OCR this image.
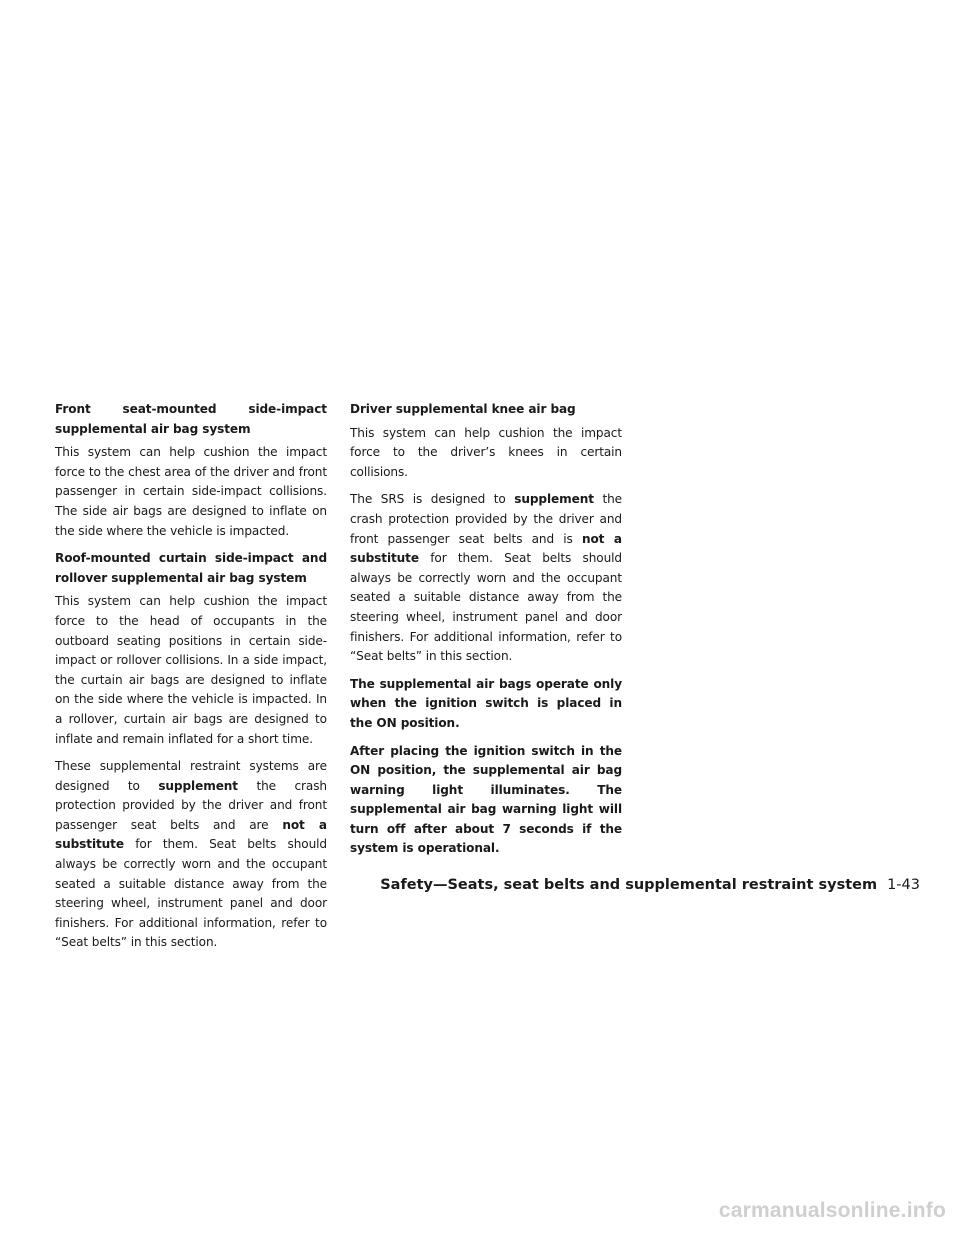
Front seat-mounted side-impact supplemental air bag system

This system can help cushion the impact force to the chest area of the driver and front passenger in certain side-impact collisions. The side air bags are designed to inflate on the side where the vehicle is impacted.

Roof-mounted curtain side-impact and rollover supplemental air bag system

This system can help cushion the impact force to the head of occupants in the outboard seating positions in certain side-impact or rollover collisions. In a side impact, the curtain air bags are designed to inflate on the side where the vehicle is impacted. In a rollover, curtain air bags are designed to inflate and remain inflated for a short time.

These supplemental restraint systems are designed to supplement the crash protection provided by the driver and front passenger seat belts and are not a substitute for them. Seat belts should always be correctly worn and the occupant seated a suitable distance away from the steering wheel, instrument panel and door finishers. For additional information, refer to “Seat belts” in this section.

Driver supplemental knee air bag

This system can help cushion the impact force to the driver’s knees in certain collisions.

The SRS is designed to supplement the crash protection provided by the driver and front passenger seat belts and is not a substitute for them. Seat belts should always be correctly worn and the occupant seated a suitable distance away from the steering wheel, instrument panel and door finishers. For additional information, refer to “Seat belts” in this section.

The supplemental air bags operate only when the ignition switch is placed in the ON position.

After placing the ignition switch in the ON position, the supplemental air bag warning light illuminates. The supplemental air bag warning light will turn off after about 7 seconds if the system is operational.

Safety—Seats, seat belts and supplemental restraint system 1-43
carmanualsonline.info
